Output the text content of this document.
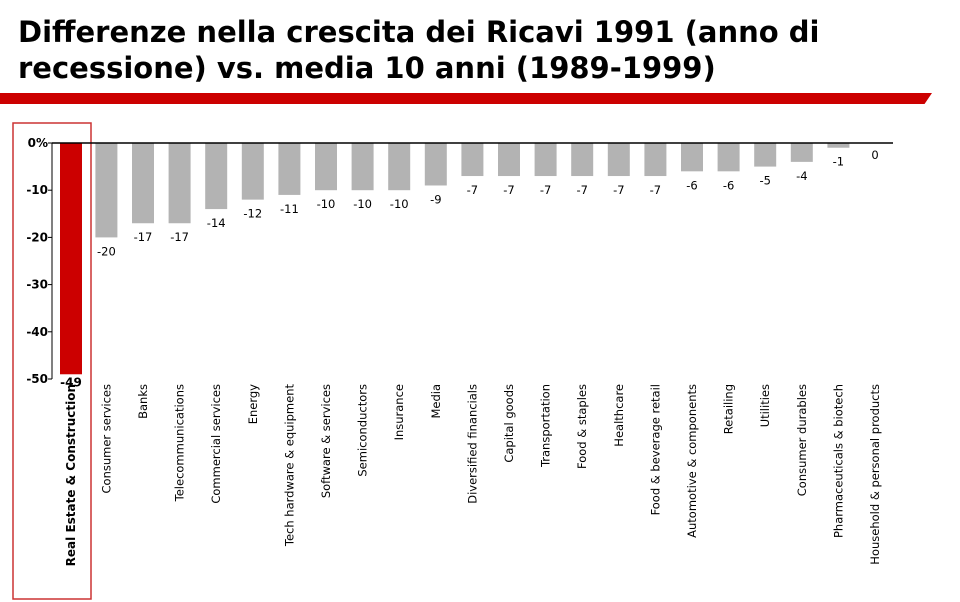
Differenze nella crescita dei Ricavi 1991 (anno di recessione) vs. media 10 anni (1989-1999)
0%
-10
-20
-30
-40
-50 -49
-20
-17 -17
-14
-12 -11 -10 -10 -10 -9
-7 -7 -7 -7 -7 -7 -6 -6 -5 -4
-1 0
Real Estate & Construction Consumer services Banks Telecommunications Commercial services Energy Tech hardware & equipment Software & services Semiconductors Insurance Media Diversified financials Capital goods Transportation Food & staples Healthcare Food & beverage retail Automotive & components Retailing Utilities Consumer durables Pharmaceuticals & biotech Household & personal products
